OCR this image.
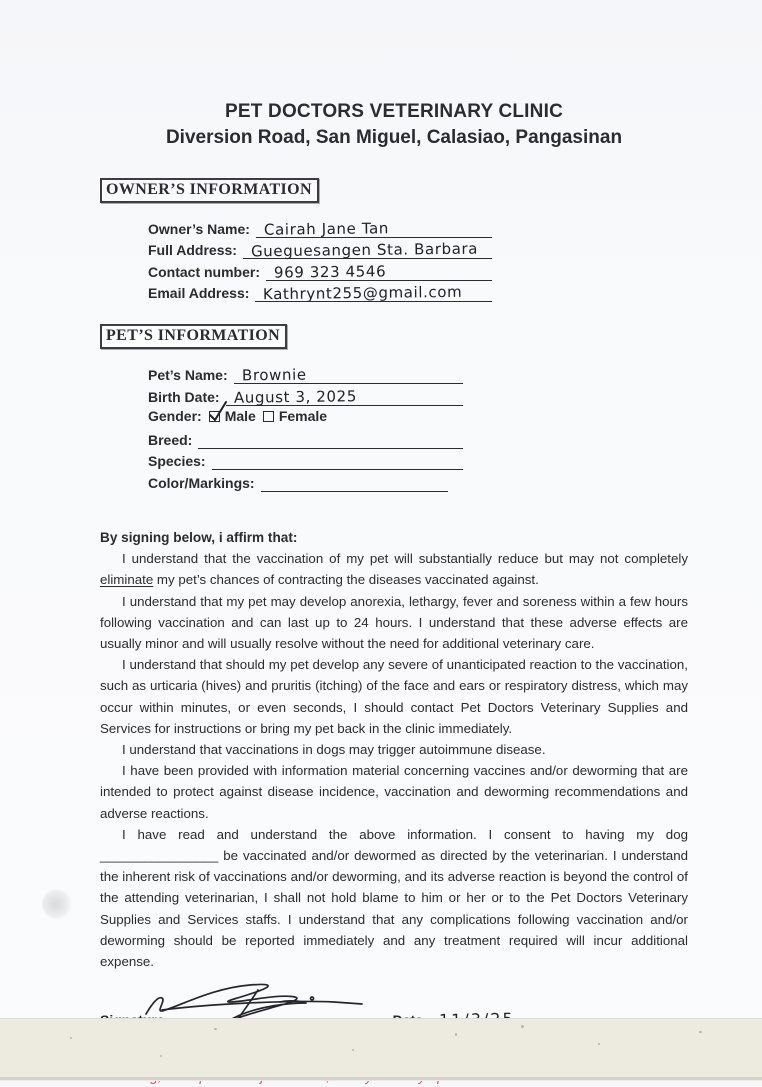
PET DOCTORS VETERINARY CLINIC
Diversion Road, San Miguel, Calasiao, Pangasinan
OWNER’S INFORMATION
Owner’s Name: Cairah Jane Tan
Full Address: Gueguesangen Sta. Barbara
Contact number: 969 323 4546
Email Address: Kathrynt255@gmail.com
PET’S INFORMATION
Pet’s Name: Brownie
Birth Date: August 3, 2025
Gender: Male Female
Breed:
Species:
Color/Markings:
By signing below, i affirm that:

I understand that the vaccination of my pet will substantially reduce but may not completely eliminate my pet’s chances of contracting the diseases vaccinated against.

I understand that my pet may develop anorexia, lethargy, fever and soreness within a few hours following vaccination and can last up to 24 hours. I understand that these adverse effects are usually minor and will usually resolve without the need for additional veterinary care.

I understand that should my pet develop any severe of unanticipated reaction to the vaccination, such as urticaria (hives) and pruritis (itching) of the face and ears or respiratory distress, which may occur within minutes, or even seconds, I should contact Pet Doctors Veterinary Supplies and Services for instructions or bring my pet back in the clinic immediately.

I understand that vaccinations in dogs may trigger autoimmune disease.

I have been provided with information material concerning vaccines and/or deworming that are intended to protect against disease incidence, vaccination and deworming recommendations and adverse reactions.

I have read and understand the above information. I consent to having my dog ________________ be vaccinated and/or dewormed as directed by the veterinarian. I understand the inherent risk of vaccinations and/or deworming, and its adverse reaction is beyond the control of the attending veterinarian, I shall not hold blame to him or her or to the Pet Doctors Veterinary Supplies and Services staffs. I understand that any complications following vaccination and/or deworming should be reported immediately and any treatment required will incur additional expense.
